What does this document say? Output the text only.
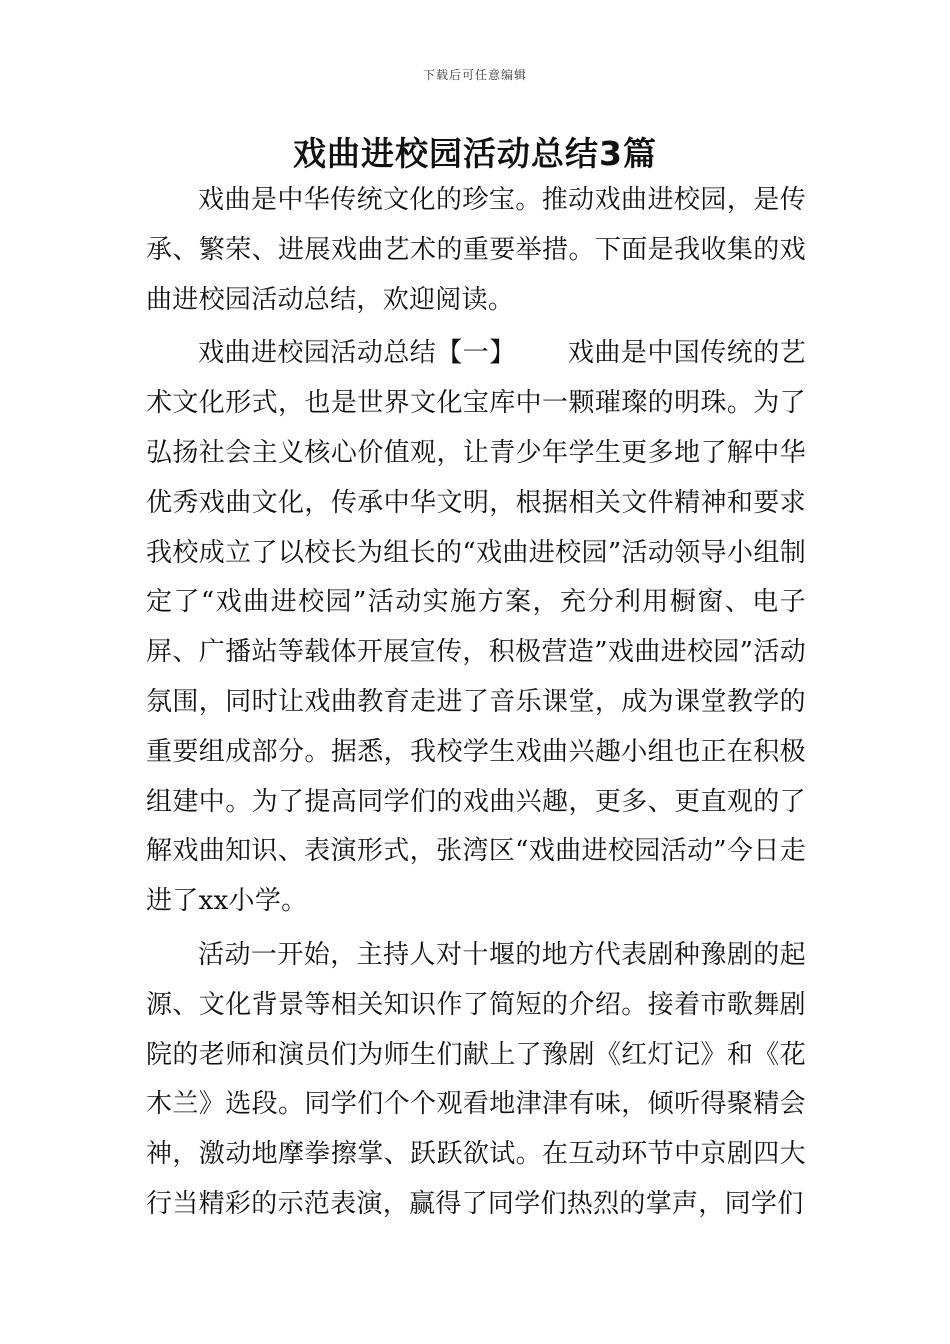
下载后可任意编辑
戏曲进校园活动总结3篇

戏曲是中华传统文化的珍宝。推动戏曲进校园，是传承、繁荣、进展戏曲艺术的重要举措。下面是我收集的戏曲进校园活动总结，欢迎阅读。

戏曲进校园活动总结【一】 戏曲是中国传统的艺术文化形式，也是世界文化宝库中一颗璀璨的明珠。为了弘扬社会主义核心价值观，让青少年学生更多地了解中华优秀戏曲文化，传承中华文明，根据相关文件精神和要求我校成立了以校长为组长的“戏曲进校园”活动领导小组制定了“戏曲进校园”活动实施方案，充分利用橱窗、电子屏、广播站等载体开展宣传，积极营造”戏曲进校园”活动氛围，同时让戏曲教育走进了音乐课堂，成为课堂教学的重要组成部分。据悉，我校学生戏曲兴趣小组也正在积极组建中。为了提高同学们的戏曲兴趣，更多、更直观的了解戏曲知识、表演形式，张湾区“戏曲进校园活动”今日走进了xx小学。

活动一开始，主持人对十堰的地方代表剧种豫剧的起源、文化背景等相关知识作了简短的介绍。接着市歌舞剧院的老师和演员们为师生们献上了豫剧《红灯记》和《花木兰》选段。同学们个个观看地津津有味，倾听得聚精会神，激动地摩拳擦掌、跃跃欲试。在互动环节中京剧四大行当精彩的示范表演，赢得了同学们热烈的掌声，同学们
